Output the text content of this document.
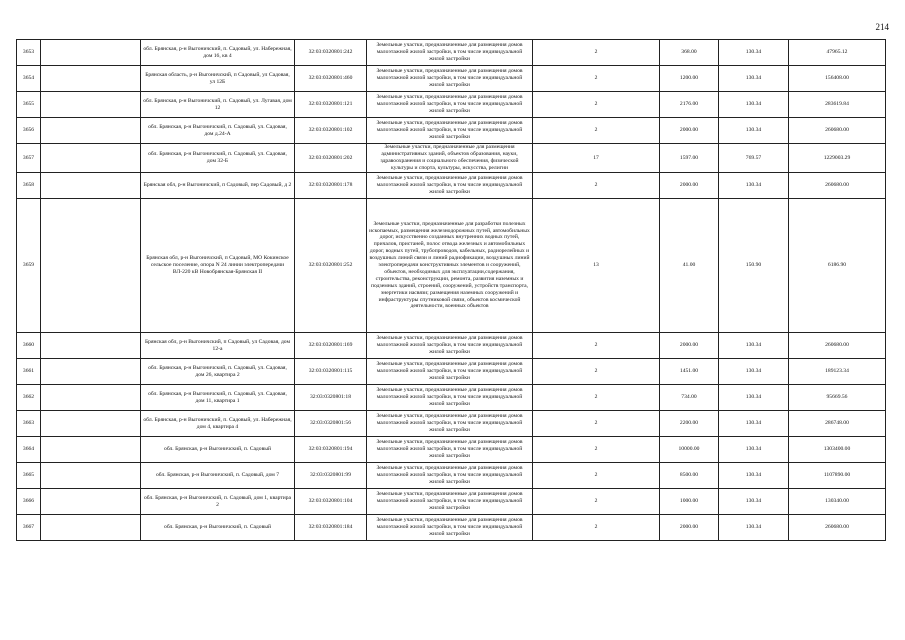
214
3653		обл. Брянская, р-н Выгоничский, п. Садовый, ул. Набережная, дом 16, кв 4	32:03:0320801:242	Земельные участки, предназначенные для размещения домов малоэтажной жилой застройки, в том числе индивидуальной жилой застройки	2	368.00	130.34	47965.12
3654		Брянская область, р-н Выгоничский, п Садовый, ул Садовая, ул 12Б	32:03:0320801:460	Земельные участки, предназначенные для размещения домов малоэтажной жилой застройки, в том числе индивидуальной жилой застройки	2	1200.00	130.34	156408.00
3655		обл. Брянская, р-н Выгоничский, п. Садовый, ул. Лугавая, дом 12	32:03:0320801:121	Земельные участки, предназначенные для размещения домов малоэтажной жилой застройки, в том числе индивидуальной жилой застройки	2	2176.00	130.34	283619.84
3656		обл. Брянская, р-н Выгоничский, п. Садовый, ул. Садовая, дом д.24-А	32:03:0320801:102	Земельные участки, предназначенные для размещения домов малоэтажной жилой застройки, в том числе индивидуальной жилой застройки	2	2000.00	130.34	260680.00
3657		обл. Брянская, р-н Выгоничский, п. Садовый, ул. Садовая, дом 32-Б	32:03:0320801:202	Земельные участки, предназначенные для размещения административных зданий, объектов образования, науки, здравоохранения и социального обеспечения, физической культуры и спорта, культуры, искусства, религии	17	1597.00	769.57	1229003.29
3658		Брянская обл, р-н Выгоничский, п Садовый, пер Садовый, д 2	32:03:0320801:178	Земельные участки, предназначенные для размещения домов малоэтажной жилой застройки, в том числе индивидуальной жилой застройки	2	2000.00	130.34	260680.00
3659		Брянская обл, р-н Выгоничский, п Садовый, МО Кокинское сельское поселение, опора N 24 линии электропередачи ВЛ-220 кВ Новобрянская-Брянская II	32:03:0320801:252	Земельные участки, предназначенные для разработки полезных ископаемых, размещения железнодорожных путей, автомобильных дорог, искусственно созданных внутренних водных путей, причалов, пристаней, полос отвода железных и автомобильных дорог, водных путей, трубопроводов, кабельных, радиорелейных и воздушных линий связи и линий радиофикации, воздушных линий электропередачи конструктивных элементов и сооружений, объектов, необходимых для эксплуатации,содержания, строительства, реконструкции, ремонта, развития наземных и подземных зданий, строений, сооружений, устройств транспорта, энергетики иасвязи; размещения наземных сооружений и инфраструктуры спутниковой связи, объектов космической деятельности, военных объектов	13	41.00	150.90	6186.90
3660		Брянская обл, р-н Выгоничский, п Садовый, ул Садовая, дом 12-а	32:03:0320801:169	Земельные участки, предназначенные для размещения домов малоэтажной жилой застройки, в том числе индивидуальной жилой застройки	2	2000.00	130.34	260680.00
3661		обл. Брянская, р-н Выгоничский, п. Садовый, ул. Садовая, дом 26, квартира 2	32:03:0320801:115	Земельные участки, предназначенные для размещения домов малоэтажной жилой застройки, в том числе индивидуальной жилой застройки	2	1451.00	130.34	189123.34
3662		обл. Брянская, р-н Выгоничский, п. Садовый, ул. Садовая, дом 11, квартира 1	32:03:0320801:18	Земельные участки, предназначенные для размещения домов малоэтажной жилой застройки, в том числе индивидуальной жилой застройки	2	734.00	130.34	95669.56
3663		обл. Брянская, р-н Выгоничский, п. Садовый, ул. Набережная, дом 4, квартира 4	32:03:0320801:56	Земельные участки, предназначенные для размещения домов малоэтажной жилой застройки, в том числе индивидуальной жилой застройки	2	2200.00	130.34	286748.00
3664		обл. Брянская, р-н Выгоничский, п. Садовый	32:03:0320801:194	Земельные участки, предназначенные для размещения домов малоэтажной жилой застройки, в том числе индивидуальной жилой застройки	2	10000.00	130.34	1303400.00
3665		обл. Брянская, р-н Выгоничский, п. Садовый, дом 7	32:03:0320801:99	Земельные участки, предназначенные для размещения домов малоэтажной жилой застройки, в том числе индивидуальной жилой застройки	2	8500.00	130.34	1107890.00
3666		обл. Брянская, р-н Выгоничский, п. Садовый, дом 1, квартира 2	32:03:0320801:104	Земельные участки, предназначенные для размещения домов малоэтажной жилой застройки, в том числе индивидуальной жилой застройки	2	1000.00	130.34	130340.00
3667		обл. Брянская, р-н Выгоничский, п. Садовый	32:03:0320801:184	Земельные участки, предназначенные для размещения домов малоэтажной жилой застройки, в том числе индивидуальной жилой застройки	2	2000.00	130.34	260680.00
